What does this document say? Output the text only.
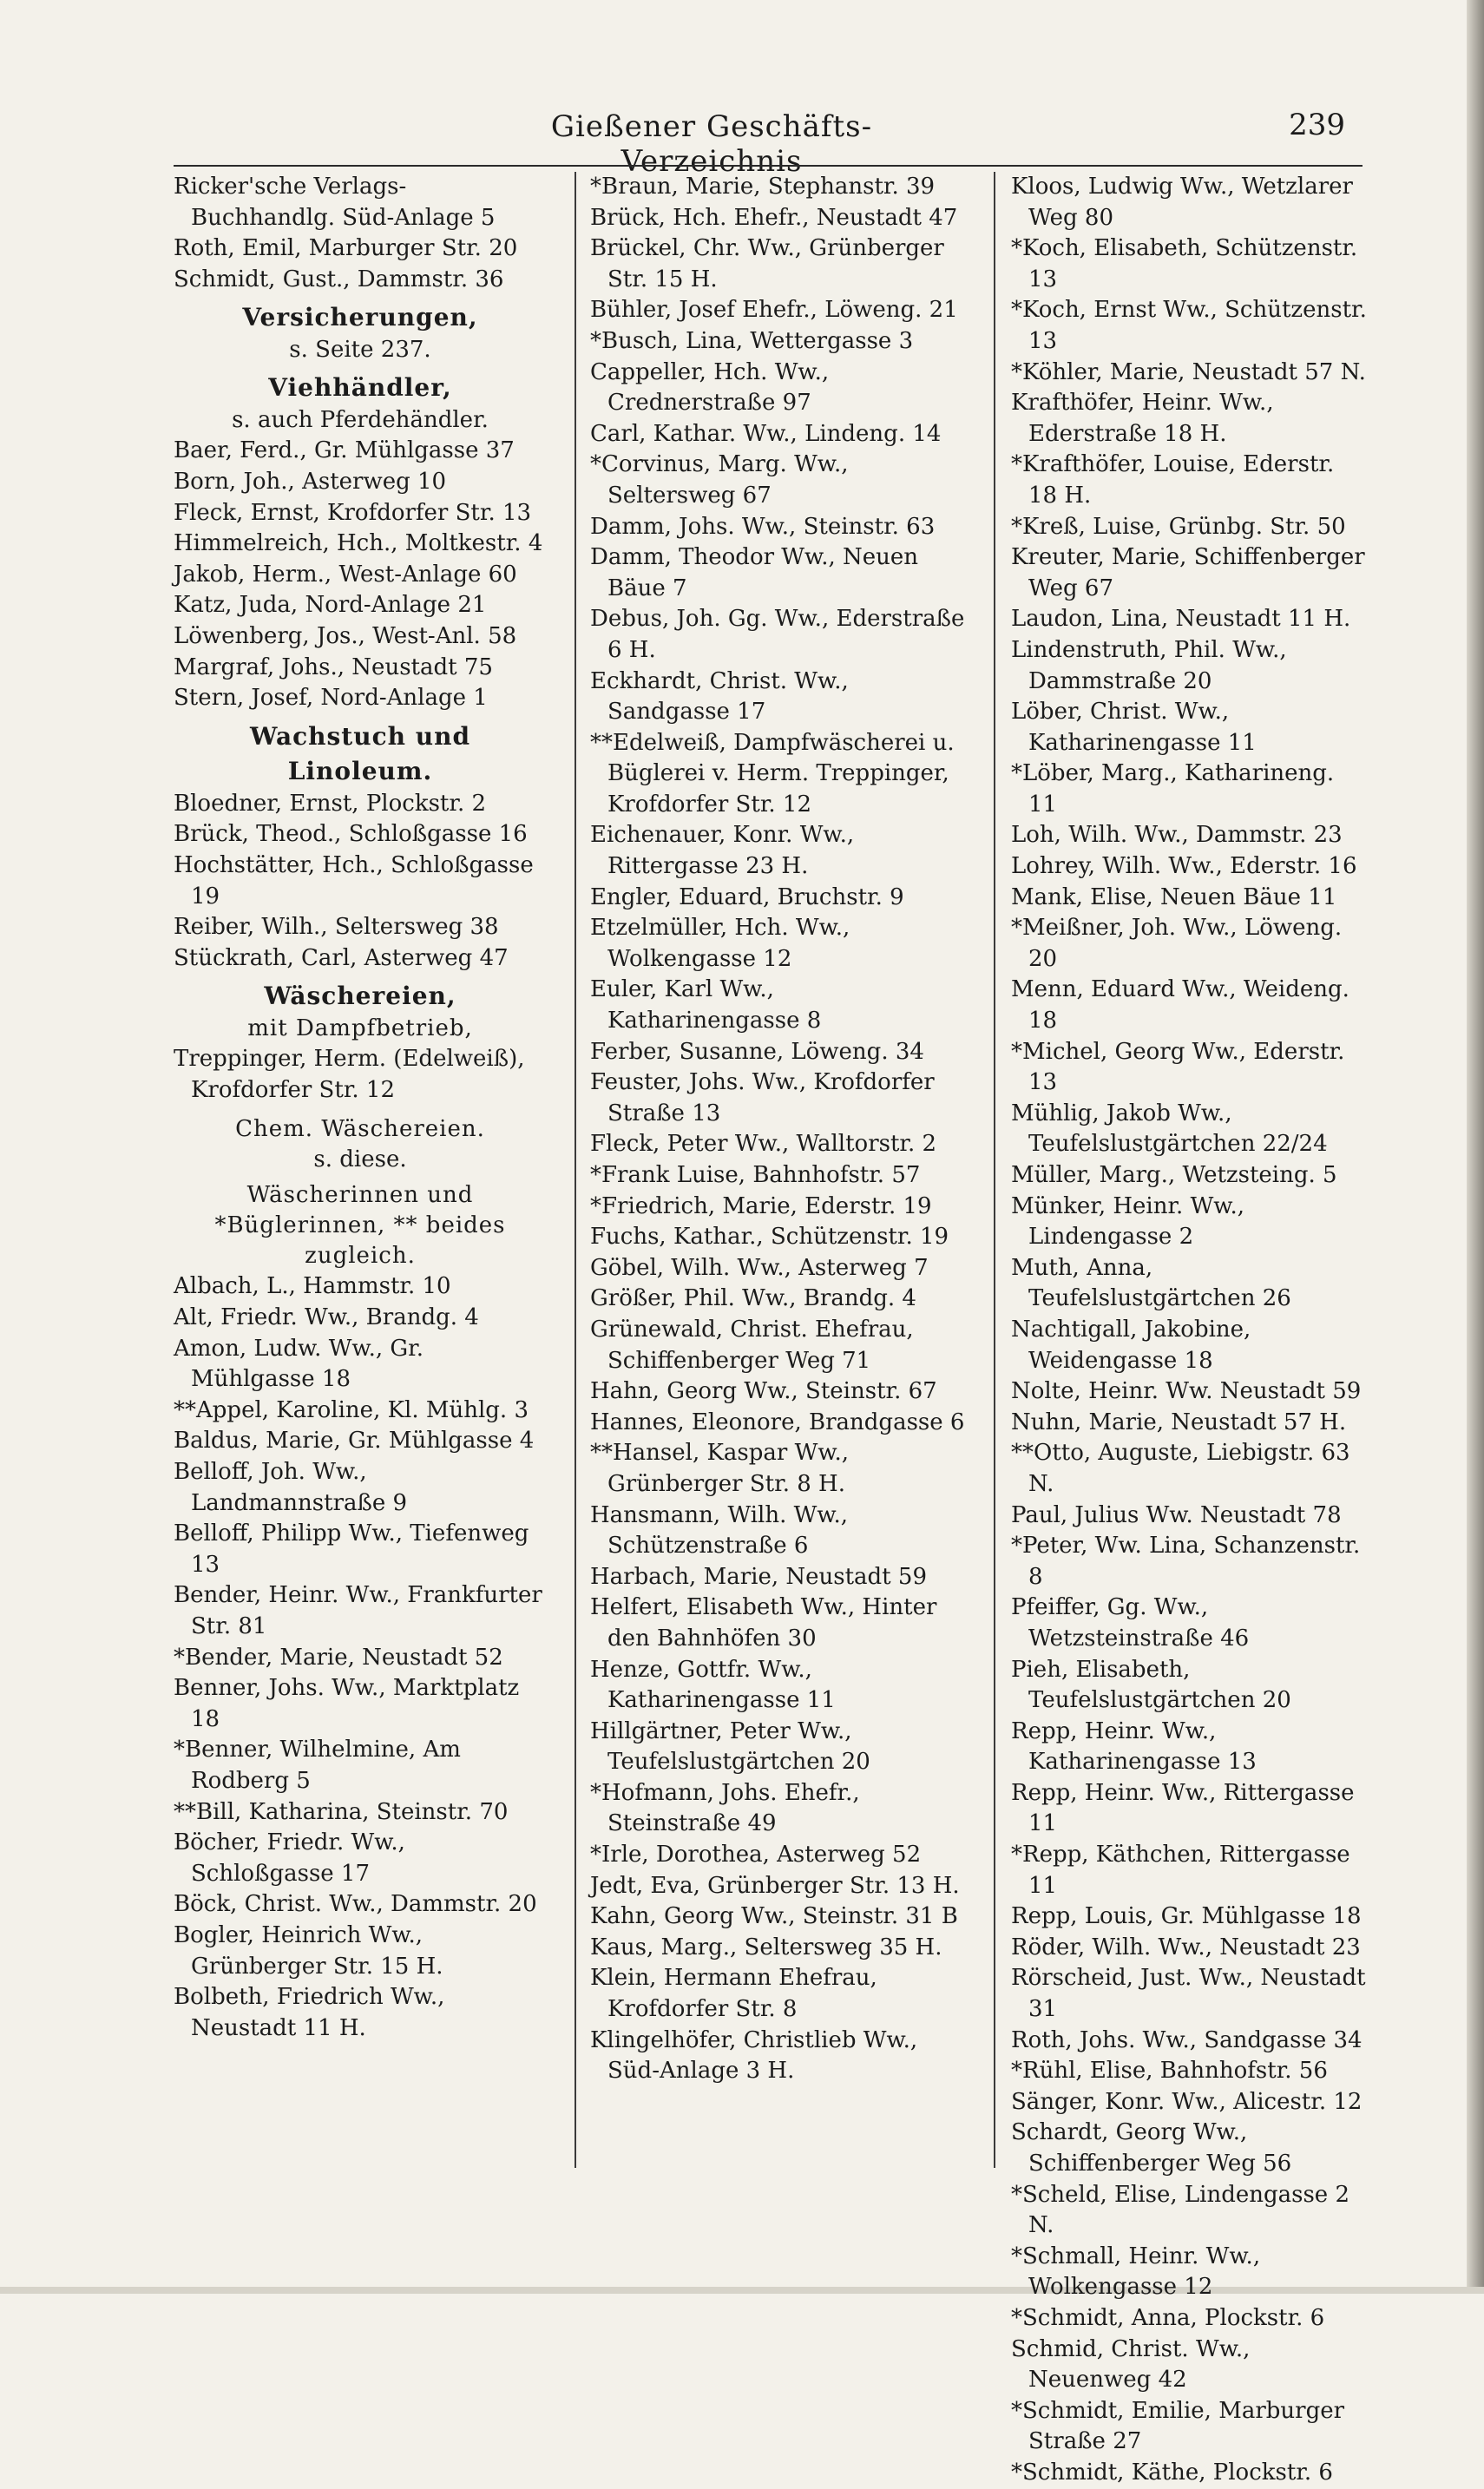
Gießener Geschäfts-Verzeichnis
239
Ricker'sche Verlags-Buchhandlg. Süd-Anlage 5
Roth, Emil, Marburger Str. 20
Schmidt, Gust., Dammstr. 36
Versicherungen,
s. Seite 237.
Viehhändler,
s. auch Pferdehändler.
Baer, Ferd., Gr. Mühlgasse 37
Born, Joh., Asterweg 10
Fleck, Ernst, Krofdorfer Str. 13
Himmelreich, Hch., Moltkestr. 4
Jakob, Herm., West-Anlage 60
Katz, Juda, Nord-Anlage 21
Löwenberg, Jos., West-Anl. 58
Margraf, Johs., Neustadt 75
Stern, Josef, Nord-Anlage 1
Wachstuch und Linoleum.
Bloedner, Ernst, Plockstr. 2
Brück, Theod., Schloßgasse 16
Hochstätter, Hch., Schloßgasse 19
Reiber, Wilh., Seltersweg 38
Stückrath, Carl, Asterweg 47
Wäschereien,
mit Dampfbetrieb,
Treppinger, Herm. (Edelweiß), Krofdorfer Str. 12
Chem. Wäschereien.
s. diese.
Wäscherinnen und
*Büglerinnen, ** beides
zugleich.
Albach, L., Hammstr. 10
Alt, Friedr. Ww., Brandg. 4
Amon, Ludw. Ww., Gr. Mühlgasse 18
**Appel, Karoline, Kl. Mühlg. 3
Baldus, Marie, Gr. Mühlgasse 4
Belloff, Joh. Ww., Landmannstraße 9
Belloff, Philipp Ww., Tiefenweg 13
Bender, Heinr. Ww., Frankfurter Str. 81
*Bender, Marie, Neustadt 52
Benner, Johs. Ww., Marktplatz 18
*Benner, Wilhelmine, Am Rodberg 5
**Bill, Katharina, Steinstr. 70
Böcher, Friedr. Ww., Schloßgasse 17
Böck, Christ. Ww., Dammstr. 20
Bogler, Heinrich Ww., Grünberger Str. 15 H.
Bolbeth, Friedrich Ww., Neustadt 11 H.
*Braun, Marie, Stephanstr. 39
Brück, Hch. Ehefr., Neustadt 47
Brückel, Chr. Ww., Grünberger Str. 15 H.
Bühler, Josef Ehefr., Löweng. 21
*Busch, Lina, Wettergasse 3
Cappeller, Hch. Ww., Crednerstraße 97
Carl, Kathar. Ww., Lindeng. 14
*Corvinus, Marg. Ww., Seltersweg 67
Damm, Johs. Ww., Steinstr. 63
Damm, Theodor Ww., Neuen Bäue 7
Debus, Joh. Gg. Ww., Ederstraße 6 H.
Eckhardt, Christ. Ww., Sandgasse 17
**Edelweiß, Dampfwäscherei u. Büglerei v. Herm. Treppinger, Krofdorfer Str. 12
Eichenauer, Konr. Ww., Rittergasse 23 H.
Engler, Eduard, Bruchstr. 9
Etzelmüller, Hch. Ww., Wolkengasse 12
Euler, Karl Ww., Katharinengasse 8
Ferber, Susanne, Löweng. 34
Feuster, Johs. Ww., Krofdorfer Straße 13
Fleck, Peter Ww., Walltorstr. 2
*Frank Luise, Bahnhofstr. 57
*Friedrich, Marie, Ederstr. 19
Fuchs, Kathar., Schützenstr. 19
Göbel, Wilh. Ww., Asterweg 7
Größer, Phil. Ww., Brandg. 4
Grünewald, Christ. Ehefrau, Schiffenberger Weg 71
Hahn, Georg Ww., Steinstr. 67
Hannes, Eleonore, Brandgasse 6
**Hansel, Kaspar Ww., Grünberger Str. 8 H.
Hansmann, Wilh. Ww., Schützenstraße 6
Harbach, Marie, Neustadt 59
Helfert, Elisabeth Ww., Hinter den Bahnhöfen 30
Henze, Gottfr. Ww., Katharinengasse 11
Hillgärtner, Peter Ww., Teufelslustgärtchen 20
*Hofmann, Johs. Ehefr., Steinstraße 49
*Irle, Dorothea, Asterweg 52
Jedt, Eva, Grünberger Str. 13 H.
Kahn, Georg Ww., Steinstr. 31 B
Kaus, Marg., Seltersweg 35 H.
Klein, Hermann Ehefrau, Krofdorfer Str. 8
Klingelhöfer, Christlieb Ww., Süd-Anlage 3 H.
Kloos, Ludwig Ww., Wetzlarer Weg 80
*Koch, Elisabeth, Schützenstr. 13
*Koch, Ernst Ww., Schützenstr. 13
*Köhler, Marie, Neustadt 57 N.
Krafthöfer, Heinr. Ww., Ederstraße 18 H.
*Krafthöfer, Louise, Ederstr. 18 H.
*Kreß, Luise, Grünbg. Str. 50
Kreuter, Marie, Schiffenberger Weg 67
Laudon, Lina, Neustadt 11 H.
Lindenstruth, Phil. Ww., Dammstraße 20
Löber, Christ. Ww., Katharinengasse 11
*Löber, Marg., Katharineng. 11
Loh, Wilh. Ww., Dammstr. 23
Lohrey, Wilh. Ww., Ederstr. 16
Mank, Elise, Neuen Bäue 11
*Meißner, Joh. Ww., Löweng. 20
Menn, Eduard Ww., Weideng. 18
*Michel, Georg Ww., Ederstr. 13
Mühlig, Jakob Ww., Teufelslustgärtchen 22/24
Müller, Marg., Wetzsteing. 5
Münker, Heinr. Ww., Lindengasse 2
Muth, Anna, Teufelslustgärtchen 26
Nachtigall, Jakobine, Weidengasse 18
Nolte, Heinr. Ww. Neustadt 59
Nuhn, Marie, Neustadt 57 H.
**Otto, Auguste, Liebigstr. 63 N.
Paul, Julius Ww. Neustadt 78
*Peter, Ww. Lina, Schanzenstr. 8
Pfeiffer, Gg. Ww., Wetzsteinstraße 46
Pieh, Elisabeth, Teufelslustgärtchen 20
Repp, Heinr. Ww., Katharinengasse 13
Repp, Heinr. Ww., Rittergasse 11
*Repp, Käthchen, Rittergasse 11
Repp, Louis, Gr. Mühlgasse 18
Röder, Wilh. Ww., Neustadt 23
Rörscheid, Just. Ww., Neustadt 31
Roth, Johs. Ww., Sandgasse 34
*Rühl, Elise, Bahnhofstr. 56
Sänger, Konr. Ww., Alicestr. 12
Schardt, Georg Ww., Schiffenberger Weg 56
*Scheld, Elise, Lindengasse 2 N.
*Schmall, Heinr. Ww., Wolkengasse 12
*Schmidt, Anna, Plockstr. 6
Schmid, Christ. Ww., Neuenweg 42
*Schmidt, Emilie, Marburger Straße 27
*Schmidt, Käthe, Plockstr. 6
